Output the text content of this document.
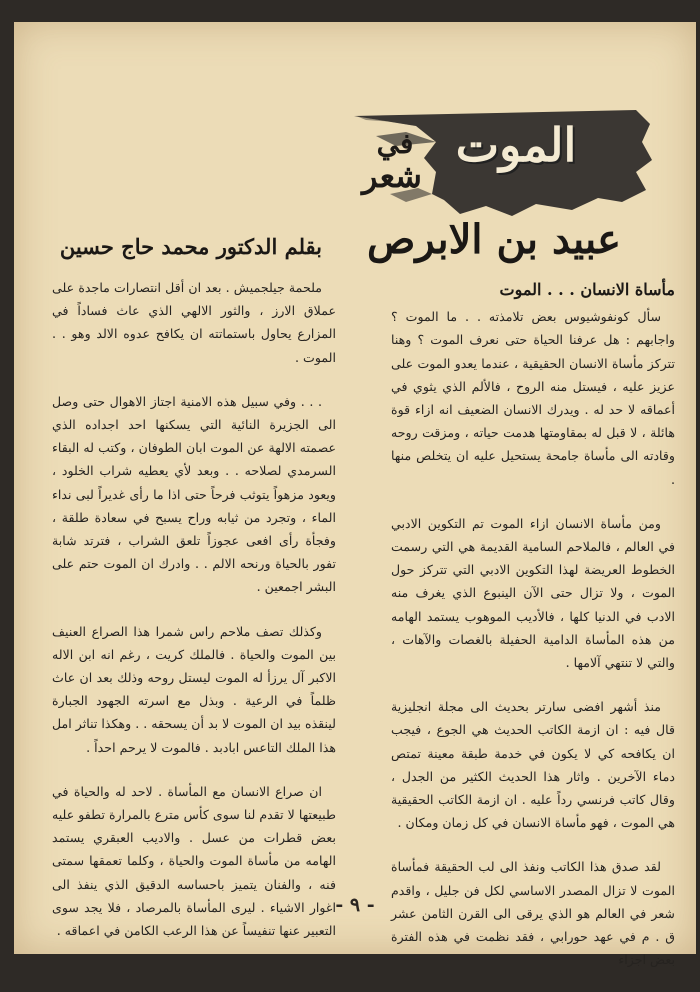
الموت
في
شعر
عبيد بن الابرص
بقلم الدكتور محمد حاج حسين
مأساة الانسان . . . الموت

سأل كونفوشيوس بعض تلامذته . . ما الموت ؟ واجابهم : هل عرفنا الحياة حتى نعرف الموت ؟ وهنا تتركز مأساة الانسان الحقيقية ، عندما يعدو الموت على عزيز عليه ، فيستل منه الروح ، فالألم الذي يثوي في أعماقه لا حد له . ويدرك الانسان الضعيف انه ازاء قوة هائلة ، لا قبل له بمقاومتها هدمت حياته ، ومزقت روحه وقادته الى مأساة جامحة يستحيل عليه ان يتخلص منها .

ومن مأساة الانسان ازاء الموت تم التكوين الادبي في العالم ، فالملاحم السامية القديمة هي التي رسمت الخطوط العريضة لهذا التكوين الادبي التي تتركز حول الموت ، ولا تزال حتى الآن الينبوع الذي يغرف منه الادب في الدنيا كلها ، فالأديب الموهوب يستمد الهامه من هذه المأساة الدامية الحفيلة بالغصات والآهات ، والتي لا تنتهي آلامها .

منذ أشهر افضى سارتر بحديث الى مجلة انجليزية قال فيه : ان ازمة الكاتب الحديث هي الجوع ، فيجب ان يكافحه كي لا يكون في خدمة طبقة معينة تمتص دماء الآخرين . واثار هذا الحديث الكثير من الجدل ، وقال كاتب فرنسي رداً عليه . ان ازمة الكاتب الحقيقية هي الموت ، فهو مأساة الانسان في كل زمان ومكان .

لقد صدق هذا الكاتب ونفذ الى لب الحقيقة فمأساة الموت لا تزال المصدر الاساسي لكل فن جليل ، واقدم شعر في العالم هو الذي يرقى الى القرن الثامن عشر ق . م في عهد حورابي ، فقد نظمت في هذه الفترة بعض اجزاء

ملحمة جيلجميش . بعد ان أقل انتصارات ماجدة على عملاق الارز ، والثور الالهي الذي عاث فساداً في المزارع يحاول باستماتته ان يكافح عدوه الالد وهو . . الموت .

. . . وفي سبيل هذه الامنية اجتاز الاهوال حتى وصل الى الجزيرة النائية التي يسكنها احد اجداده الذي عصمته الالهة عن الموت ابان الطوفان ، وكتب له البقاء السرمدي لصلاحه . . وبعد لأي يعطيه شراب الخلود ، ويعود مزهواً يتوثب فرحاً حتى اذا ما رأى غديراً لبى نداء الماء ، وتجرد من ثيابه وراح يسبح في سعادة طلقة ، وفجأة رأى افعى عجوزاً تلعق الشراب ، فترتد شابة تفور بالحياة ورنحه الالم . . وادرك ان الموت حتم على البشر اجمعين .

وكذلك تصف ملاحم راس شمرا هذا الصراع العنيف بين الموت والحياة . فالملك كريت ، رغم انه ابن الاله الاكبر آل يرزأ له الموت ليستل روحه وذلك بعد ان عاث ظلماً في الرعية . وبذل مع اسرته الجهود الجبارة لينقذه بيد ان الموت لا بد أن يسحقه . . وهكذا تناثر امل هذا الملك التاعس ابادبد . فالموت لا يرحم احداً .

ان صراع الانسان مع المأساة . لاحد له والحياة في طبيعتها لا تقدم لنا سوى كأس مترع بالمرارة تطفو عليه بعض قطرات من عسل . والاديب العبقري يستمد الهامه من مأساة الموت والحياة ، وكلما تعمقها سمتى فنه ، والفنان يتميز باحساسه الدقيق الذي ينفذ الى اغوار الاشياء . ليرى المأساة بالمرصاد ، فلا يجد سوى التعبير عنها تنفيساً عن هذا الرعب الكامن في اعماقه .

- ٩ -
